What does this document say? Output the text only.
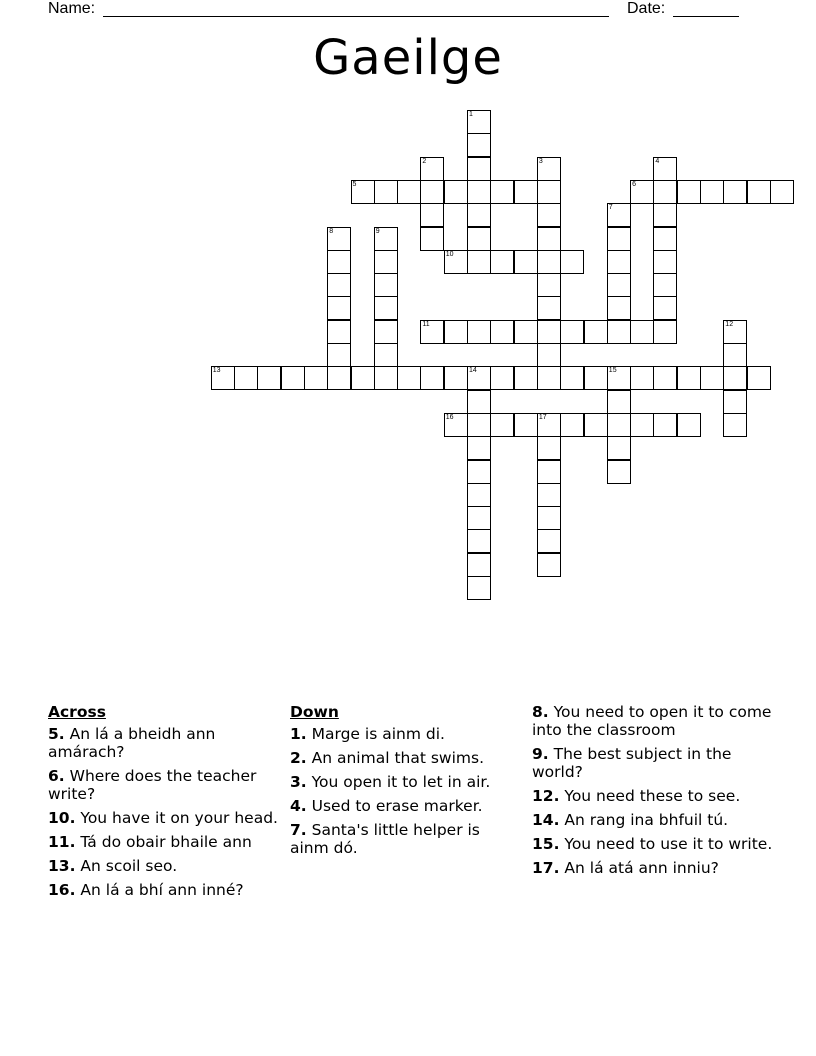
Name:	Date:
Gaeilge
1
2	3	4
5	6
7
8	9
10
11	12
13	14	15
16	17
Across
5. An lá a bheidh ann amárach?
6. Where does the teacher write?
10. You have it on your head.
11. Tá do obair bhaile ann
13. An scoil seo.
16. An lá a bhí ann inné?
Down
1. Marge is ainm di.
2. An animal that swims.
3. You open it to let in air.
4. Used to erase marker.
7. Santa's little helper is ainm dó.
8. You need to open it to come into the classroom
9. The best subject in the world?
12. You need these to see.
14. An rang ina bhfuil tú.
15. You need to use it to write.
17. An lá atá ann inniu?
